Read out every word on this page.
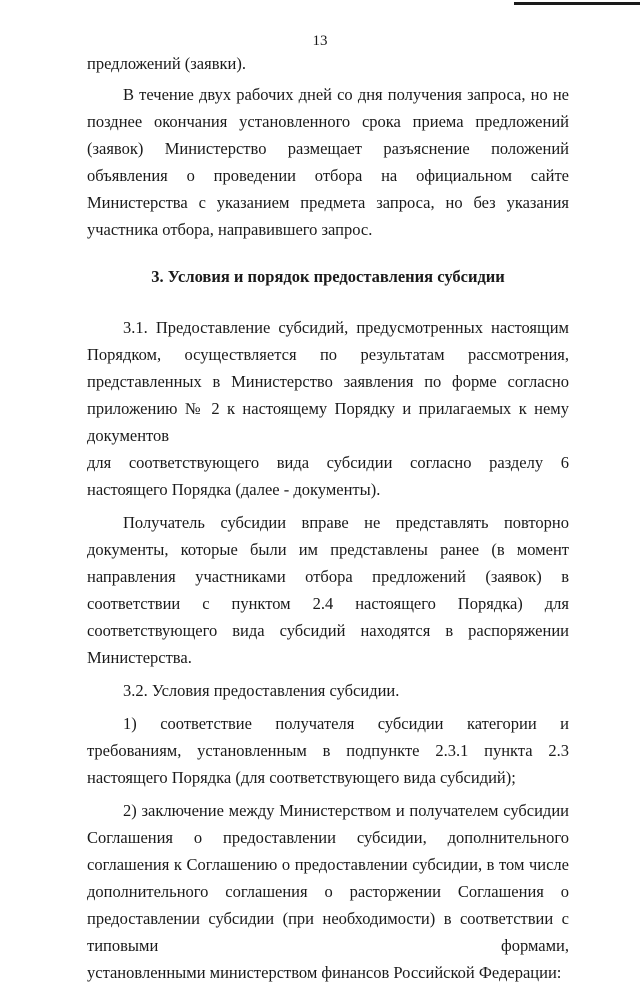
13

предложений (заявки).

В течение двух рабочих дней со дня получения запроса, но не позднее окончания установленного срока приема предложений (заявок) Министерство размещает разъяснение положений объявления о проведении отбора на официальном сайте Министерства с указанием предмета запроса, но без указания участника отбора, направившего запрос.

3. Условия и порядок предоставления субсидии

3.1. Предоставление субсидий, предусмотренных настоящим Порядком, осуществляется по результатам рассмотрения, представленных в Министерство заявления по форме согласно приложению № 2 к настоящему Порядку и прилагаемых к нему документов

для соответствующего вида субсидии согласно разделу 6 настоящего Порядка (далее - документы).

Получатель субсидии вправе не представлять повторно документы, которые были им представлены ранее (в момент направления участниками отбора предложений (заявок) в соответствии с пунктом 2.4 настоящего Порядка) для соответствующего вида субсидий находятся в распоряжении Министерства.

3.2. Условия предоставления субсидии.

1) соответствие получателя субсидии категории и требованиям, установленным в подпункте 2.3.1 пункта 2.3 настоящего Порядка (для соответствующего вида субсидий);

2) заключение между Министерством и получателем субсидии Соглашения о предоставлении субсидии, дополнительного соглашения к Соглашению о предоставлении субсидии, в том числе дополнительного соглашения о расторжении Соглашения о предоставлении субсидии (при необходимости) в соответствии с типовыми формами,

установленными министерством финансов Российской Федерации:
